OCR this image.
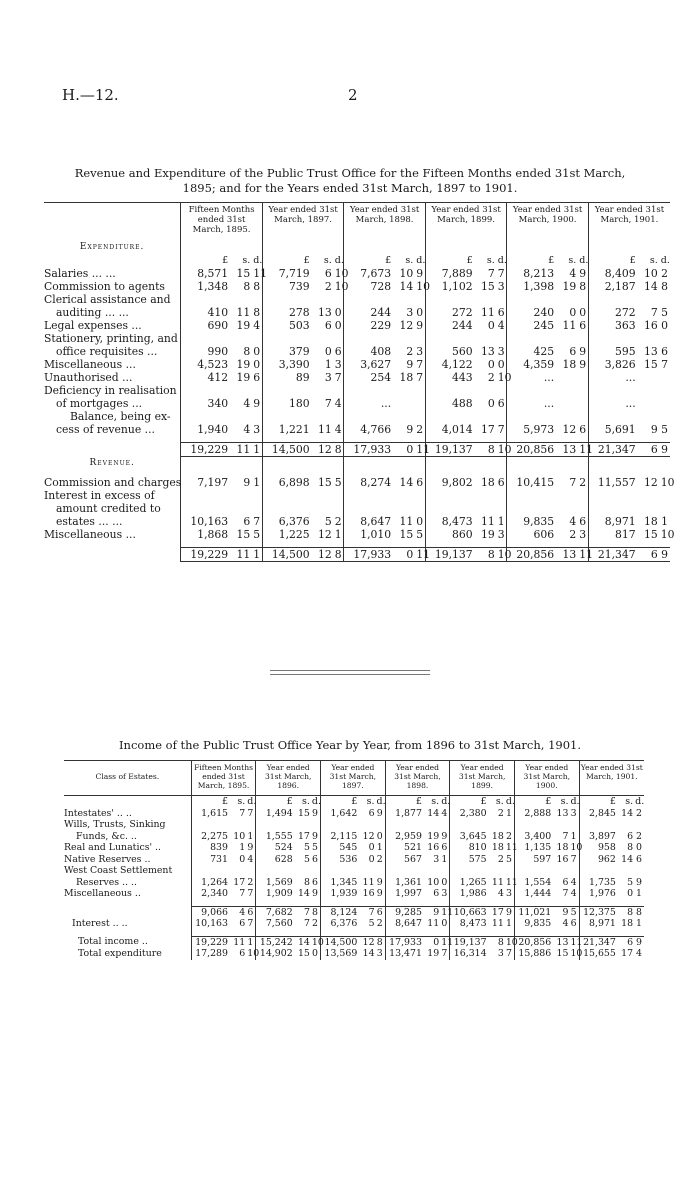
H.—12.	2
Revenue and Expenditure of the Public Trust Office for the Fifteen Months ended 31st March,
1895; and for the Years ended 31st March, 1897 to 1901.
	Fifteen Months ended 31st March, 1895.			Year ended 31st March, 1897.			Year ended 31st March, 1898.			Year ended 31st March, 1899.			Year ended 31st March, 1900.			Year ended 31st March, 1901.		
Expenditure.																		
	£	s.	d.	£	s.	d.	£	s.	d.	£	s.	d.	£	s.	d.	£	s.	d.
Salaries ... ...	8,571	15	11	7,719	6	10	7,673	10	9	7,889	7	7	8,213	4	9	8,409	10	2
Commission to agents	1,348	8	8	739	2	10	728	14	10	1,102	15	3	1,398	19	8	2,187	14	8
Clerical assistance and																		
auditing ... ...	410	11	8	278	13	0	244	3	0	272	11	6	240	0	0	272	7	5
Legal expenses ...	690	19	4	503	6	0	229	12	9	244	0	4	245	11	6	363	16	0
Stationery, printing, and																		
office requisites ...	990	8	0	379	0	6	408	2	3	560	13	3	425	6	9	595	13	6
Miscellaneous ...	4,523	19	0	3,390	1	3	3,627	9	7	4,122	0	0	4,359	18	9	3,826	15	7
Unauthorised ...	412	19	6	89	3	7	254	18	7	443	2	10	...			...		
Deficiency in realisation																		
of mortgages ...	340	4	9	180	7	4	...			488	0	6	...			...		
Balance, being ex-																		
cess of revenue ...	1,940	4	3	1,221	11	4	4,766	9	2	4,014	17	7	5,973	12	6	5,691	9	5

	19,229	11	1	14,500	12	8	17,933	0	11	19,137	8	10	20,856	13	11	21,347	6	9
Revenue.																		

Commission and charges	7,197	9	1	6,898	15	5	8,274	14	6	9,802	18	6	10,415	7	2	11,557	12	10
Interest in excess of																		
amount credited to																		
estates ... ...	10,163	6	7	6,376	5	2	8,647	11	0	8,473	11	1	9,835	4	6	8,971	18	1
Miscellaneous ...	1,868	15	5	1,225	12	1	1,010	15	5	860	19	3	606	2	3	817	15	10

	19,229	11	1	14,500	12	8	17,933	0	11	19,137	8	10	20,856	13	11	21,347	6	9
Income of the Public Trust Office Year by Year, from 1896 to 31st March, 1901.
Class of Estates.	Fifteen Months ended 31st March, 1895.			Year ended 31st March, 1896.			Year ended 31st March, 1897.			Year ended 31st March, 1898.			Year ended 31st March, 1899.			Year ended 31st March, 1900.			Year ended 31st March, 1901.		
	£	s.	d.	£	s.	d.	£	s.	d.	£	s.	d.	£	s.	d.	£	s.	d.	£	s.	d.
Intestates' .. ..	1,615	7	7	1,494	15	9	1,642	6	9	1,877	14	4	2,380	2	1	2,888	13	3	2,845	14	2
Wills, Trusts, Sinking																					
Funds, &c. ..	2,275	10	1	1,555	17	9	2,115	12	0	2,959	19	9	3,645	18	2	3,400	7	1	3,897	6	2
Real and Lunatics' ..	839	1	9	524	5	5	545	0	1	521	16	6	810	18	11	1,135	18	10	958	8	0
Native Reserves ..	731	0	4	628	5	6	536	0	2	567	3	1	575	2	5	597	16	7	962	14	6
West Coast Settlement																					
Reserves .. ..	1,264	17	2	1,569	8	6	1,345	11	9	1,361	10	0	1,265	11	11	1,554	6	4	1,735	5	9
Miscellaneous ..	2,340	7	7	1,909	14	9	1,939	16	9	1,997	6	3	1,986	4	3	1,444	7	4	1,976	0	1

	9,066	4	6	7,682	7	8	8,124	7	6	9,285	9	11	10,663	17	9	11,021	9	5	12,375	8	8
Interest .. ..	10,163	6	7	7,560	7	2	6,376	5	2	8,647	11	0	8,473	11	1	9,835	4	6	8,971	18	1

Total income ..	19,229	11	1	15,242	14	10	14,500	12	8	17,933	0	11	19,137	8	10	20,856	13	11	21,347	6	9
Total expenditure	17,289	6	10	14,902	15	0	13,569	14	3	13,471	19	7	16,314	3	7	15,886	15	10	15,655	17	4
